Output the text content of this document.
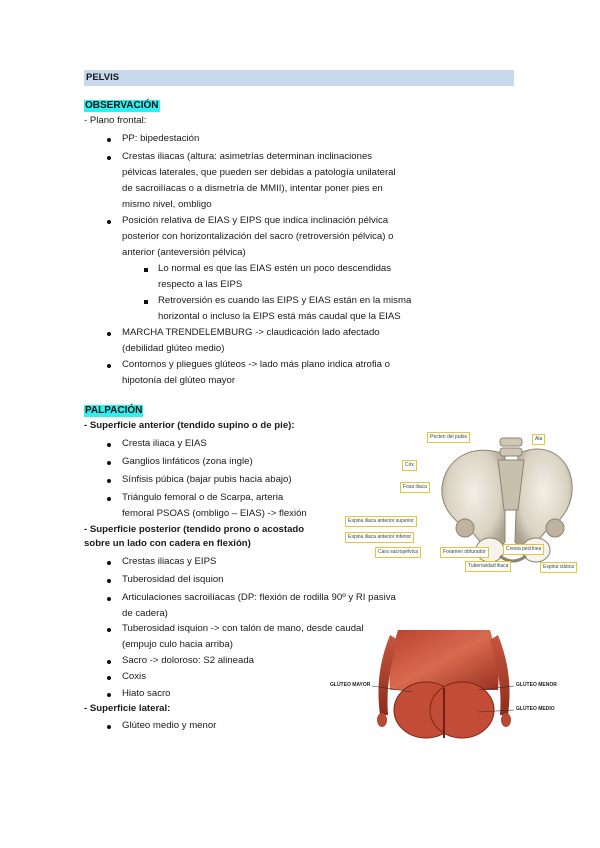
PELVIS
OBSERVACIÓN
- Plano frontal:
PP: bipedestación
Crestas iliacas (altura: asimetrías determinan inclinaciones
pélvicas laterales, que pueden ser debidas a patología unilateral
de sacroilíacas o a dismetría de MMII), intentar poner pies en
mismo nivel, ombligo
Posición relativa de EIAS y EIPS que indica inclinación pélvica
posterior con horizontalización del sacro (retroversión pélvica) o
anterior (anteversión pélvica)
Lo normal es que las EIAS estén un poco descendidas
respecto a las EIPS
Retroversión es cuando las EIPS y EIAS están en la misma
horizontal o incluso la EIPS está más caudal que la EIAS
MARCHA TRENDELEMBURG -> claudicación lado afectado
(debilidad glúteo medio)
Contornos y pliegues glúteos -> lado más plano indica atrofia o
hipotonía del glúteo mayor
PALPACIÓN
- Superficie anterior (tendido supino o de pie):
Cresta iliaca y EIAS
Ganglios linfáticos (zona ingle)
Sínfisis púbica (bajar pubis hacia abajo)
Triángulo femoral o de Scarpa, arteria
femoral PSOAS (ombligo – EIAS) -> flexión
- Superficie posterior (tendido prono o acostado
sobre un lado con cadera en flexión)
Crestas iliacas y EIPS
Tuberosidad del isquion
Articulaciones sacroilíacas (DP: flexión de rodilla 90º y RI pasiva
de cadera)
Tuberosidad isquion -> con talón de mano, desde caudal
(empujo culo hacia arriba)
Sacro -> doloroso: S2 alineada
Coxis
Hiato sacro
- Superficie lateral:
Glúteo medio y menor
Pecten del pubis	Ala
Cóx
Fosa iliaca
Espina iliaca anterior superior
Espina iliaca anterior inferior
Cara sacropélvica	Foramen obturador	Cresta pectínea
Tuberosidad iliaca	Espina ciática
GLÚTEO MAYOR	GLÚTEO MENOR
GLÚTEO MEDIO
